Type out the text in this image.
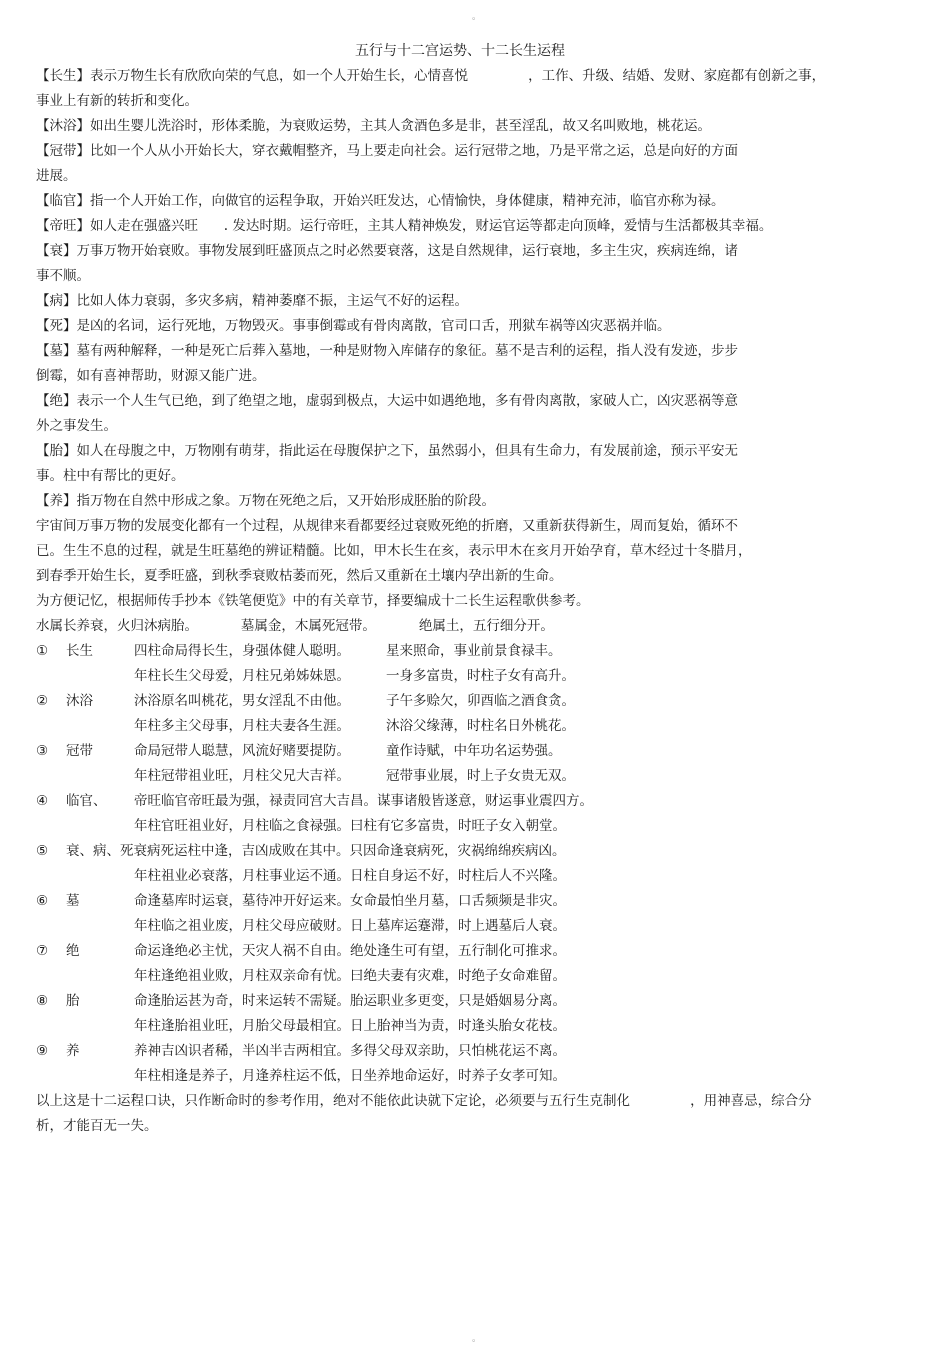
。
五行与十二宫运势、十二长生运程

【长生】表示万物生长有欣欣向荣的气息，如一个人开始生长，心情喜悦              ，工作、升级、结婚、发财、家庭都有创新之事，

事业上有新的转折和变化。

【沐浴】如出生婴儿洗浴时，形体柔脆，为衰败运势，主其人贪酒色多是非，甚至淫乱，故又名叫败地，桃花运。

【冠带】比如一个人从小开始长大，穿衣戴帽整齐，马上要走向社会。运行冠带之地，乃是平常之运，总是向好的方面

进展。

【临官】指一个人开始工作，向做官的运程争取，开始兴旺发达，心情愉快，身体健康，精神充沛，临官亦称为禄。

【帝旺】如人走在强盛兴旺      . 发达时期。运行帝旺，主其人精神焕发，财运官运等都走向顶峰，爱情与生活都极其幸福。

【衰】万事万物开始衰败。事物发展到旺盛顶点之时必然要衰落，这是自然规律，运行衰地，多主生灾，疾病连绵，诸

事不顺。

【病】比如人体力衰弱，多灾多病，精神萎靡不振，主运气不好的运程。

【死】是凶的名词，运行死地，万物毁灭。事事倒霉或有骨肉离散，官司口舌，刑狱车祸等凶灾恶祸并临。

【墓】墓有两种解释，一种是死亡后葬入墓地，一种是财物入库储存的象征。墓不是吉利的运程，指人没有发迹，步步

倒霉，如有喜神帮助，财源又能广进。

【绝】表示一个人生气已绝，到了绝望之地，虚弱到极点，大运中如遇绝地，多有骨肉离散，家破人亡，凶灾恶祸等意

外之事发生。

【胎】如人在母腹之中，万物刚有萌芽，指此运在母腹保护之下，虽然弱小，但具有生命力，有发展前途，预示平安无

事。柱中有帮比的更好。

【养】指万物在自然中形成之象。万物在死绝之后，又开始形成胚胎的阶段。

宇宙间万事万物的发展变化都有一个过程，从规律来看都要经过衰败死绝的折磨，又重新获得新生，周而复始，循环不

已。生生不息的过程，就是生旺墓绝的辨证精髓。比如，甲木长生在亥，表示甲木在亥月开始孕育，草木经过十冬腊月，

到春季开始生长，夏季旺盛，到秋季衰败枯萎而死，然后又重新在土壤内孕出新的生命。

为方便记忆，根据师传手抄本《铁笔便览》中的有关章节，择要编成十二长生运程歌供参考。

水属长养衰，火归沐病胎。          墓属金，木属死冠带。          绝属土，五行细分开。

①	长生	四柱命局得长生，身强体健人聪明。	星来照命，事业前景食禄丰。
年柱长生父母爱，月柱兄弟姊妹恩。	一身多富贵，时柱子女有高升。
②	沐浴	沐浴原名叫桃花，男女淫乱不由他。	子午多赊欠，卯酉临之酒食贪。
年柱多主父母事，月柱夫妻各生涯。	沐浴父缘薄，时柱名日外桃花。
③	冠带	命局冠带人聪慧，风流好赌要提防。	童作诗赋，中年功名运势强。
年柱冠带祖业旺，月柱父兄大吉祥。	冠带事业展，时上子女贵无双。
④	临官、	帝旺临官帝旺最为强，禄责同宫大吉昌。谋事诸般皆遂意，财运事业震四方。
年柱官旺祖业好，月柱临之食禄强。曰柱有它多富贵，时旺子女入朝堂。
⑤	衰、病、死衰病死运柱中逢，吉凶成败在其中。只因命逢衰病死，灾祸绵绵疾病凶。
年柱祖业必衰落，月柱事业运不通。日柱自身运不好，时柱后人不兴隆。
⑥	墓	命逢墓库时运衰，墓待冲开好运来。女命最怕坐月墓，口舌频频是非灾。
年柱临之祖业废，月柱父母应破财。日上墓库运蹇滞，时上遇墓后人衰。
⑦	绝	命运逢绝必主忧，天灾人祸不自由。绝处逢生可有望，五行制化可推求。
年柱逢绝祖业败，月柱双亲命有忧。曰绝夫妻有灾难，时绝子女命难留。
⑧	胎	命逢胎运甚为奇，时来运转不需疑。胎运职业多更变，只是婚姻易分离。
年柱逢胎祖业旺，月胎父母最相宜。日上胎神当为责，时逢头胎女花枝。
⑨	养	养神吉凶识者稀，半凶半吉两相宜。多得父母双亲助，只怕桃花运不离。
年柱相逢是养子，月逢养柱运不低，日坐养地命运好，时养子女孝可知。

以上这是十二运程口诀，只作断命时的参考作用，绝对不能依此诀就下定论，必须要与五行生克制化              ，用神喜忌，综合分

析，才能百无一失。

。
